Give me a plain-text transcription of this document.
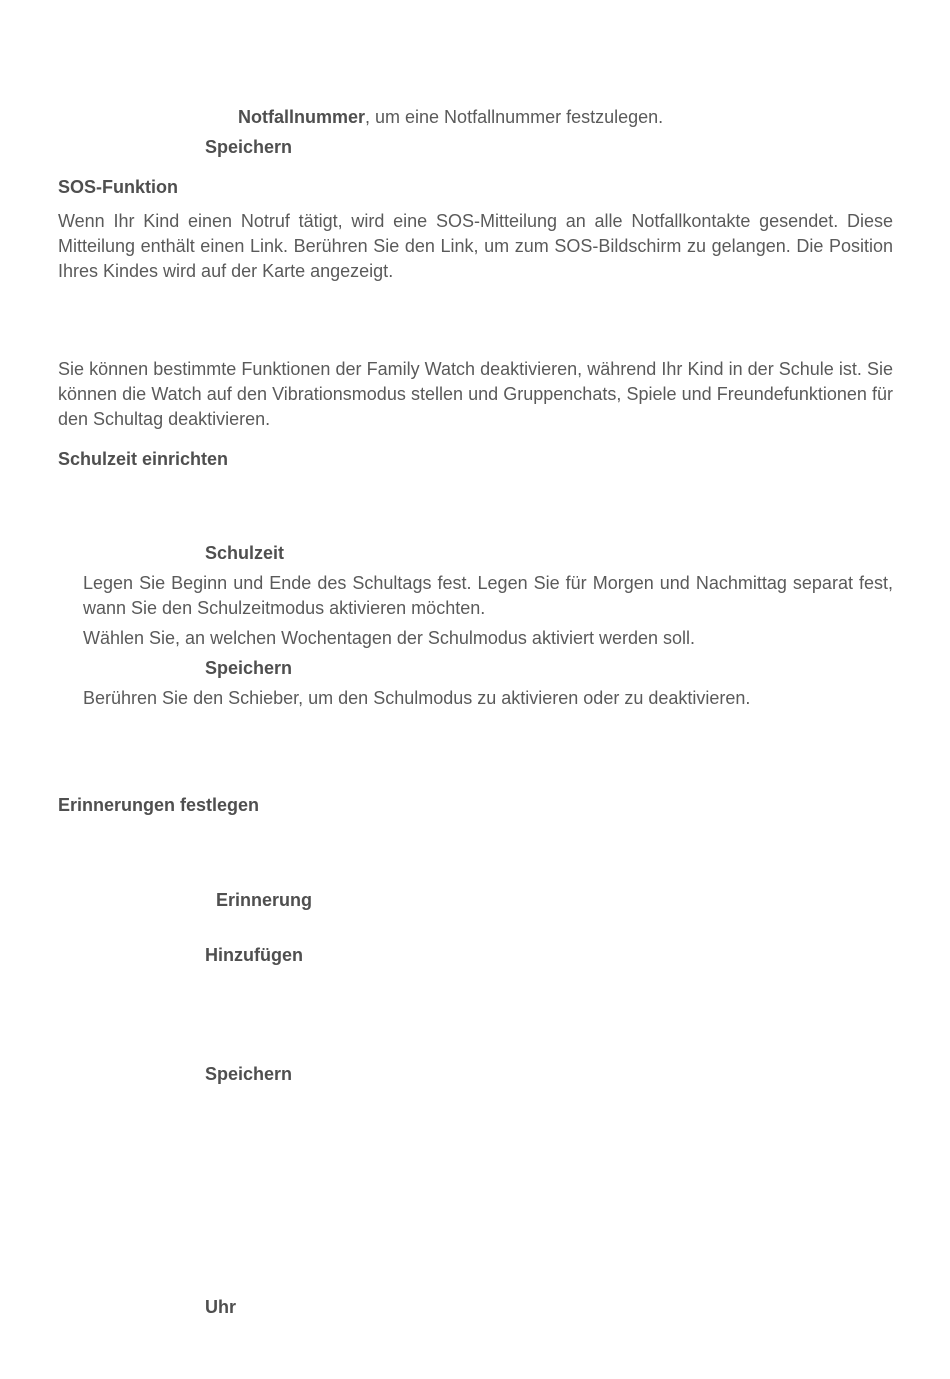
Notfallnummer, um eine Notfallnummer festzulegen.
Speichern
SOS-Funktion

Wenn Ihr Kind einen Notruf tätigt, wird eine SOS-Mitteilung an alle Notfallkontakte gesendet. Diese Mitteilung enthält einen Link. Berühren Sie den Link, um zum SOS-Bildschirm zu gelangen. Die Position Ihres Kindes wird auf der Karte angezeigt.

Sie können bestimmte Funktionen der Family Watch deaktivieren, während Ihr Kind in der Schule ist. Sie können die Watch auf den Vibrationsmodus stellen und Gruppenchats, Spiele und Freundefunktionen für den Schultag deaktivieren.

Schulzeit einrichten
Schulzeit

Legen Sie Beginn und Ende des Schultags fest. Legen Sie für Morgen und Nachmittag separat fest, wann Sie den Schulzeitmodus aktivieren möchten.

Wählen Sie, an welchen Wochentagen der Schulmodus aktiviert werden soll.
Speichern
Berühren Sie den Schieber, um den Schulmodus zu aktivieren oder zu deaktivieren.
Erinnerungen festlegen
Erinnerung
Hinzufügen
Speichern
Uhr
